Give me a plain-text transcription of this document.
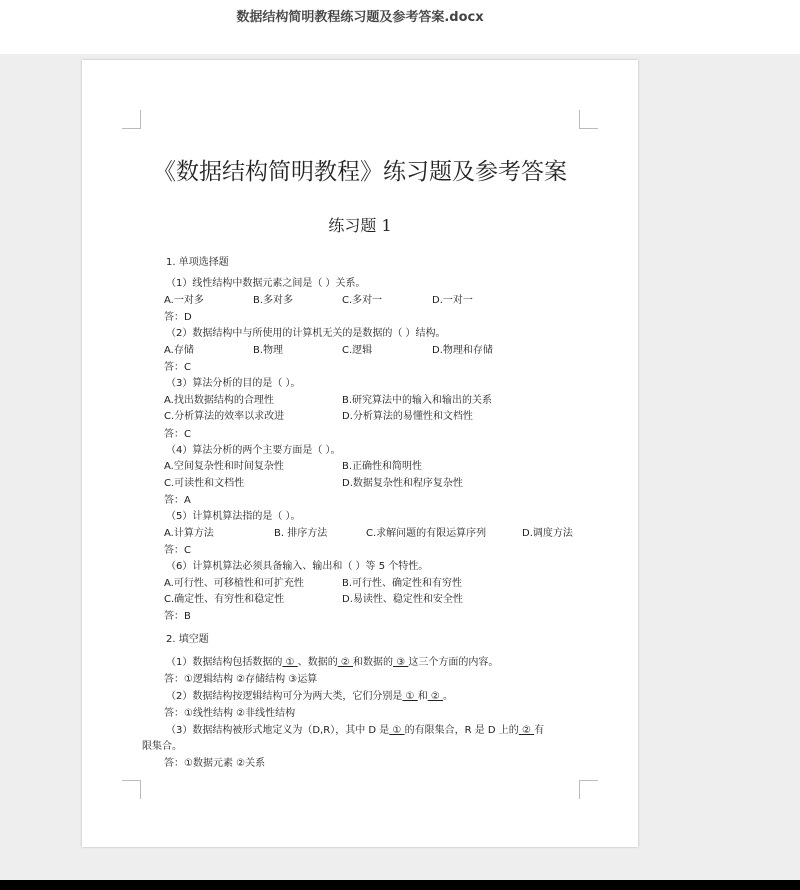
数据结构简明教程练习题及参考答案.docx
《数据结构简明教程》练习题及参考答案
练习题 1
1. 单项选择题
（1）线性结构中数据元素之间是（ ）关系。
A.一对多	B.多对多	C.多对一	D.一对一
答：D
（2）数据结构中与所使用的计算机无关的是数据的（ ）结构。
A.存储	B.物理	C.逻辑	D.物理和存储
答：C
（3）算法分析的目的是（ ）。
A.找出数据结构的合理性	B.研究算法中的输入和输出的关系
C.分析算法的效率以求改进	D.分析算法的易懂性和文档性
答：C
（4）算法分析的两个主要方面是（ ）。
A.空间复杂性和时间复杂性	B.正确性和简明性
C.可读性和文档性	D.数据复杂性和程序复杂性
答：A
（5）计算机算法指的是（ ）。
A.计算方法	B. 排序方法	C.求解问题的有限运算序列	D.调度方法
答：C
（6）计算机算法必须具备输入、输出和（ ）等 5 个特性。
A.可行性、可移植性和可扩充性	B.可行性、确定性和有穷性
C.确定性、有穷性和稳定性	D.易读性、稳定性和安全性
答：B
2. 填空题
（1）数据结构包括数据的 ① 、数据的 ② 和数据的 ③ 这三个方面的内容。
答：①逻辑结构 ②存储结构 ③运算
（2）数据结构按逻辑结构可分为两大类，它们分别是 ① 和 ② 。
答：①线性结构 ②非线性结构
（3）数据结构被形式地定义为（D,R），其中 D 是 ① 的有限集合，R 是 D 上的 ② 有
限集合。
答：①数据元素 ②关系
